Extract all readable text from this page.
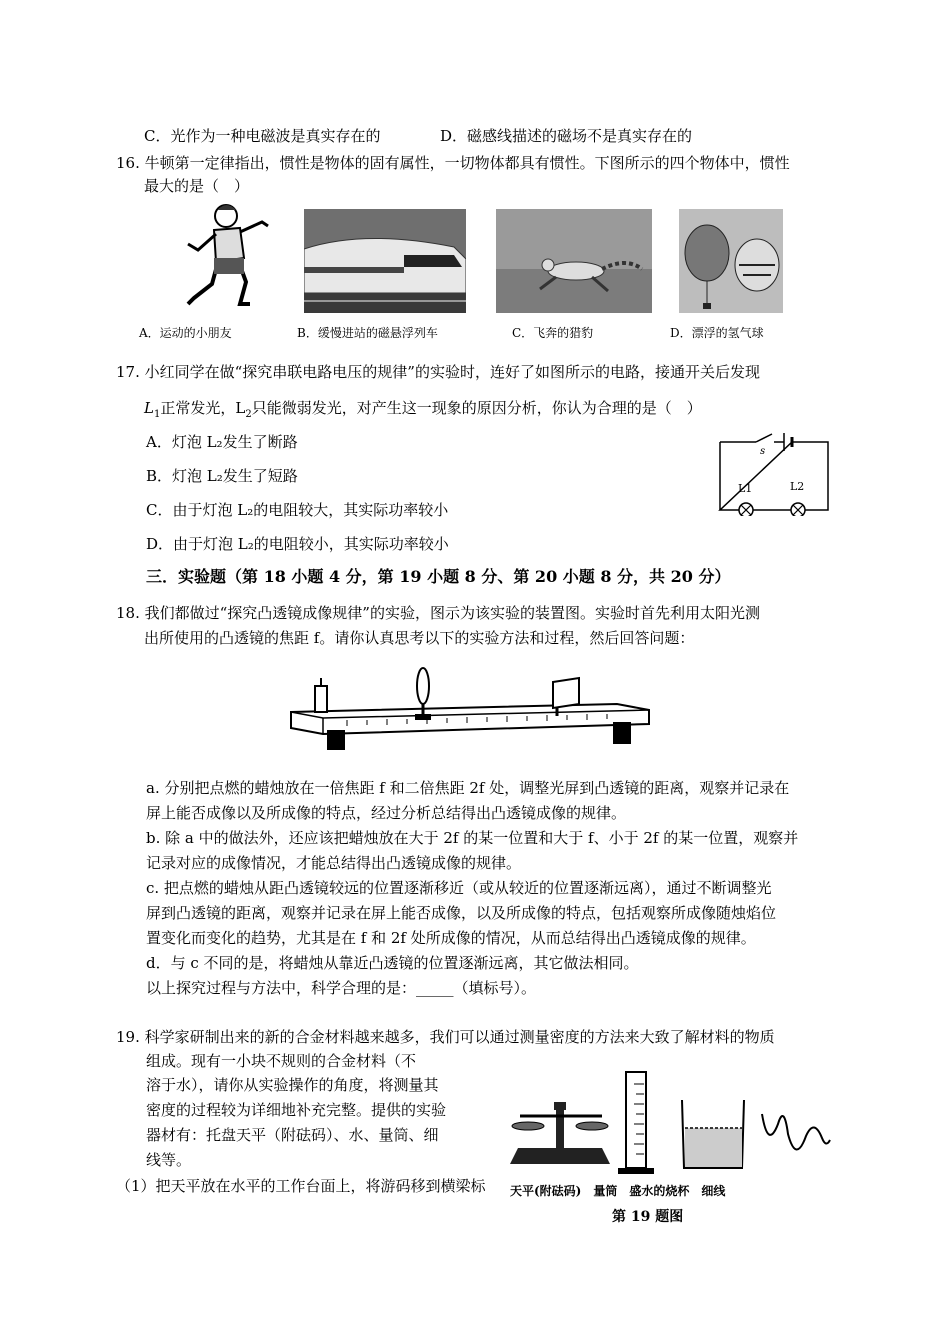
C．光作为一种电磁波是真实存在的	D．磁感线描述的磁场不是真实存在的
16. 牛顿第一定律指出，惯性是物体的固有属性，一切物体都具有惯性。下图所示的四个物体中，惯性
最大的是（　）
A．运动的小朋友	B．缓慢进站的磁悬浮列车	C．飞奔的猎豹	D．漂浮的氢气球
17. 小红同学在做“探究串联电路电压的规律”的实验时，连好了如图所示的电路，接通开关后发现
$L_1$正常发光，$L_2$只能微弱发光，对产生这一现象的原因分析，你认为合理的是（　）
A．灯泡 L₂发生了断路
B．灯泡 L₂发生了短路
C．由于灯泡 L₂的电阻较大，其实际功率较小
D．由于灯泡 L₂的电阻较小，其实际功率较小
s
L1	L2
三．实验题（第 18 小题 4 分，第 19 小题 8 分、第 20 小题 8 分，共 20 分）
18. 我们都做过“探究凸透镜成像规律”的实验，图示为该实验的装置图。实验时首先利用太阳光测
出所使用的凸透镜的焦距 f。请你认真思考以下的实验方法和过程，然后回答问题：
a. 分别把点燃的蜡烛放在一倍焦距 f 和二倍焦距 2f 处，调整光屏到凸透镜的距离，观察并记录在
屏上能否成像以及所成像的特点，经过分析总结得出凸透镜成像的规律。
b. 除 a 中的做法外，还应该把蜡烛放在大于 2f 的某一位置和大于 f、小于 2f 的某一位置，观察并
记录对应的成像情况，才能总结得出凸透镜成像的规律。
c. 把点燃的蜡烛从距凸透镜较远的位置逐渐移近（或从较近的位置逐渐远离），通过不断调整光
屏到凸透镜的距离，观察并记录在屏上能否成像，以及所成像的特点，包括观察所成像随烛焰位
置变化而变化的趋势，尤其是在 f 和 2f 处所成像的情况，从而总结得出凸透镜成像的规律。
d．与 c 不同的是，将蜡烛从靠近凸透镜的位置逐渐远离，其它做法相同。
以上探究过程与方法中，科学合理的是：_____（填标号）。
19. 科学家研制出来的新的合金材料越来越多，我们可以通过测量密度的方法来大致了解材料的物质
组成。现有一小块不规则的合金材料（不
溶于水），请你从实验操作的角度，将测量其
密度的过程较为详细地补充完整。提供的实验
器材有：托盘天平（附砝码）、水、量筒、细
线等。
（1）把天平放在水平的工作台面上，将游码移到横梁标	天平(附砝码)　量筒　盛水的烧杯　细线
第 19 题图
